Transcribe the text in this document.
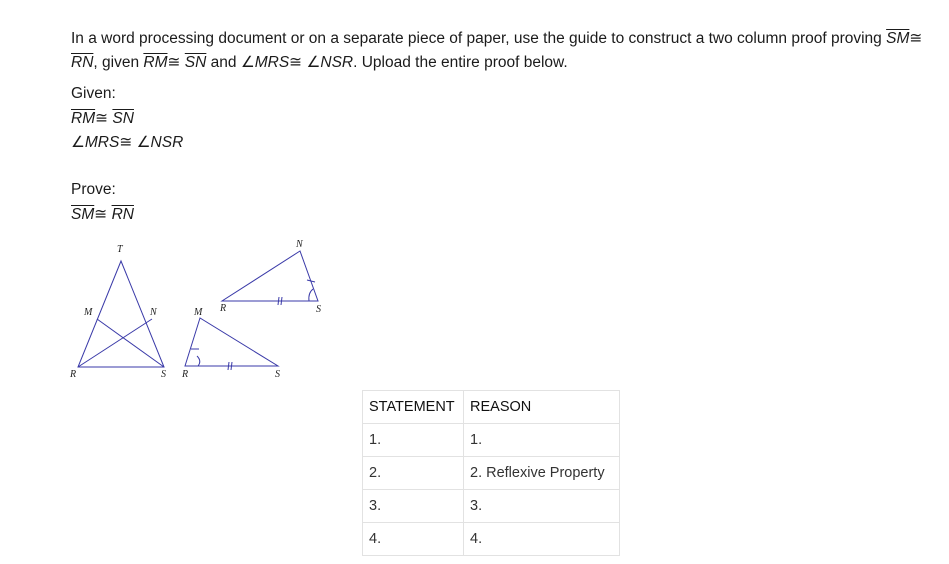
In a word processing document or on a separate piece of paper, use the guide to construct a two column proof proving $\overline{SM}≅$ $\overline{RN}$, given $\overline{RM}≅$ $\overline{SN}$ and ∠MRS≅ ∠NSR. Upload the entire proof below.
Given:
$\overline{RM}≅$ $\overline{SN}$
∠MRS≅ ∠NSR
Prove:
$\overline{SM}≅$ $\overline{RN}$
T
M	N
R	S
M
R	S
N
R	S
STATEMENT	REASON
1.	1.
2.	2. Reflexive Property
3.	3.
4.	4.
